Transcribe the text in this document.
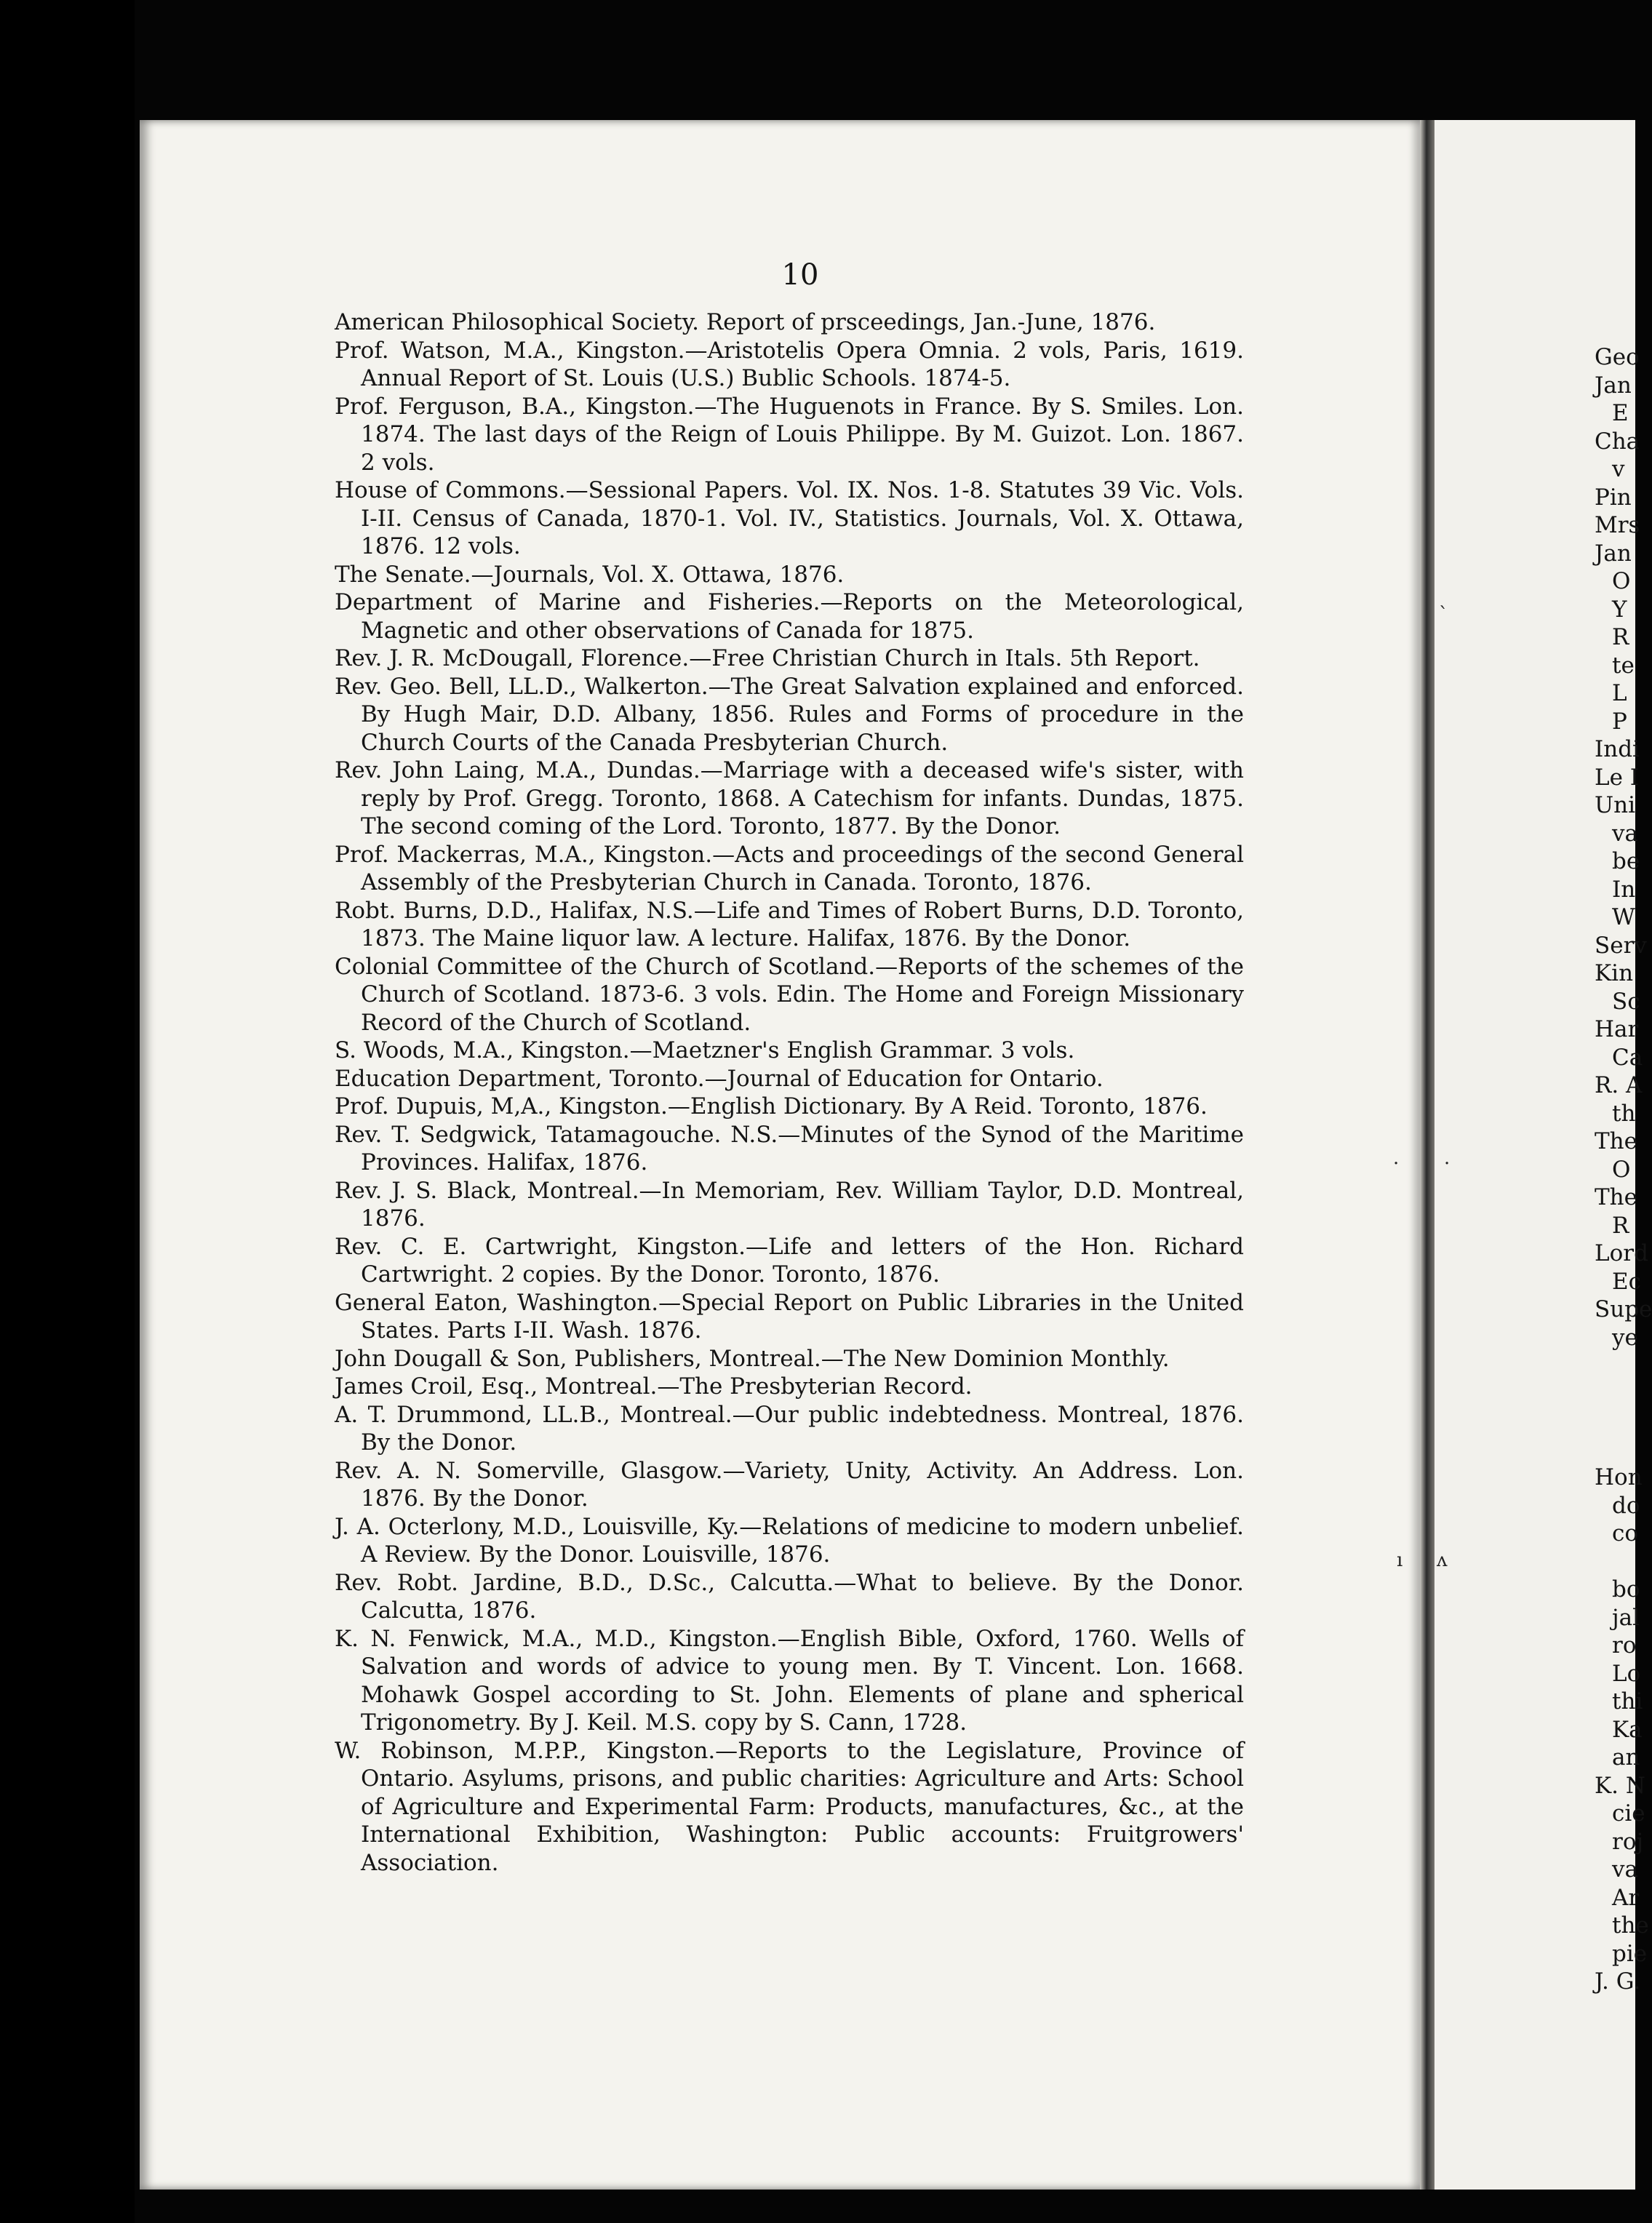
10
American Philosophical Society. Report of prsceedings, Jan.-June, 1876.
Prof. Watson, M.A., Kingston.—Aristotelis Opera Omnia. 2 vols, Paris, 1619. Annual Report of St. Louis (U.S.) Bublic Schools. 1874-5.
Prof. Ferguson, B.A., Kingston.—The Huguenots in France. By S. Smiles. Lon. 1874. The last days of the Reign of Louis Philippe. By M. Guizot. Lon. 1867. 2 vols.
House of Commons.—Sessional Papers. Vol. IX. Nos. 1-8. Statutes 39 Vic. Vols. I-II. Census of Canada, 1870-1. Vol. IV., Statistics. Journals, Vol. X. Ottawa, 1876. 12 vols.
The Senate.—Journals, Vol. X. Ottawa, 1876.
Department of Marine and Fisheries.—Reports on the Meteorological, Magnetic and other observations of Canada for 1875.
Rev. J. R. McDougall, Florence.—Free Christian Church in Itals. 5th Report.
Rev. Geo. Bell, LL.D., Walkerton.—The Great Salvation explained and enforced. By Hugh Mair, D.D. Albany, 1856. Rules and Forms of procedure in the Church Courts of the Canada Presbyterian Church.
Rev. John Laing, M.A., Dundas.—Marriage with a deceased wife's sister, with reply by Prof. Gregg. Toronto, 1868. A Catechism for infants. Dundas, 1875. The second coming of the Lord. Toronto, 1877. By the Donor.
Prof. Mackerras, M.A., Kingston.—Acts and proceedings of the second General Assembly of the Presbyterian Church in Canada. Toronto, 1876.
Robt. Burns, D.D., Halifax, N.S.—Life and Times of Robert Burns, D.D. Toronto, 1873. The Maine liquor law. A lecture. Halifax, 1876. By the Donor.
Colonial Committee of the Church of Scotland.—Reports of the schemes of the Church of Scotland. 1873-6. 3 vols. Edin. The Home and Foreign Missionary Record of the Church of Scotland.
S. Woods, M.A., Kingston.—Maetzner's English Grammar. 3 vols.
Education Department, Toronto.—Journal of Education for Ontario.
Prof. Dupuis, M,A., Kingston.—English Dictionary. By A Reid. Toronto, 1876.
Rev. T. Sedgwick, Tatamagouche. N.S.—Minutes of the Synod of the Maritime Provinces. Halifax, 1876.
Rev. J. S. Black, Montreal.—In Memoriam, Rev. William Taylor, D.D. Montreal, 1876.
Rev. C. E. Cartwright, Kingston.—Life and letters of the Hon. Richard Cartwright. 2 copies. By the Donor. Toronto, 1876.
General Eaton, Washington.—Special Report on Public Libraries in the United States. Parts I-II. Wash. 1876.
John Dougall & Son, Publishers, Montreal.—The New Dominion Monthly.
James Croil, Esq., Montreal.—The Presbyterian Record.
A. T. Drummond, LL.B., Montreal.—Our public indebtedness. Montreal, 1876. By the Donor.
Rev. A. N. Somerville, Glasgow.—Variety, Unity, Activity. An Address. Lon. 1876. By the Donor.
J. A. Octerlony, M.D., Louisville, Ky.—Relations of medicine to modern unbelief. A Review. By the Donor. Louisville, 1876.
Rev. Robt. Jardine, B.D., D.Sc., Calcutta.—What to believe. By the Donor. Calcutta, 1876.
K. N. Fenwick, M.A., M.D., Kingston.—English Bible, Oxford, 1760. Wells of Salvation and words of advice to young men. By T. Vincent. Lon. 1668. Mohawk Gospel according to St. John. Elements of plane and spherical Trigonometry. By J. Keil. M.S. copy by S. Cann, 1728.
W. Robinson, M.P.P., Kingston.—Reports to the Legislature, Province of Ontario. Asylums, prisons, and public charities: Agriculture and Arts: School of Agriculture and Experimental Farm: Products, manufactures, &c., at the International Exhibition, Washington: Public accounts: Fruitgrowers' Association.
Geo
Jan
E
Cha
v
Pin
Mrs
Jan
O
Y
R
te
L
P
Indi
Le I
Uni
va
be
In
W
Serv
Kin
Sc
Har
Ca
R. A
th
The
O
The
R
Lord
Ec
Supe
ye
Hon
do
co
bo
jal
ro
Lo
thi
Ka
an
K. N
cie
roj
va
Ar
the
pie
J. G.
`
· ·
ı ʌ
